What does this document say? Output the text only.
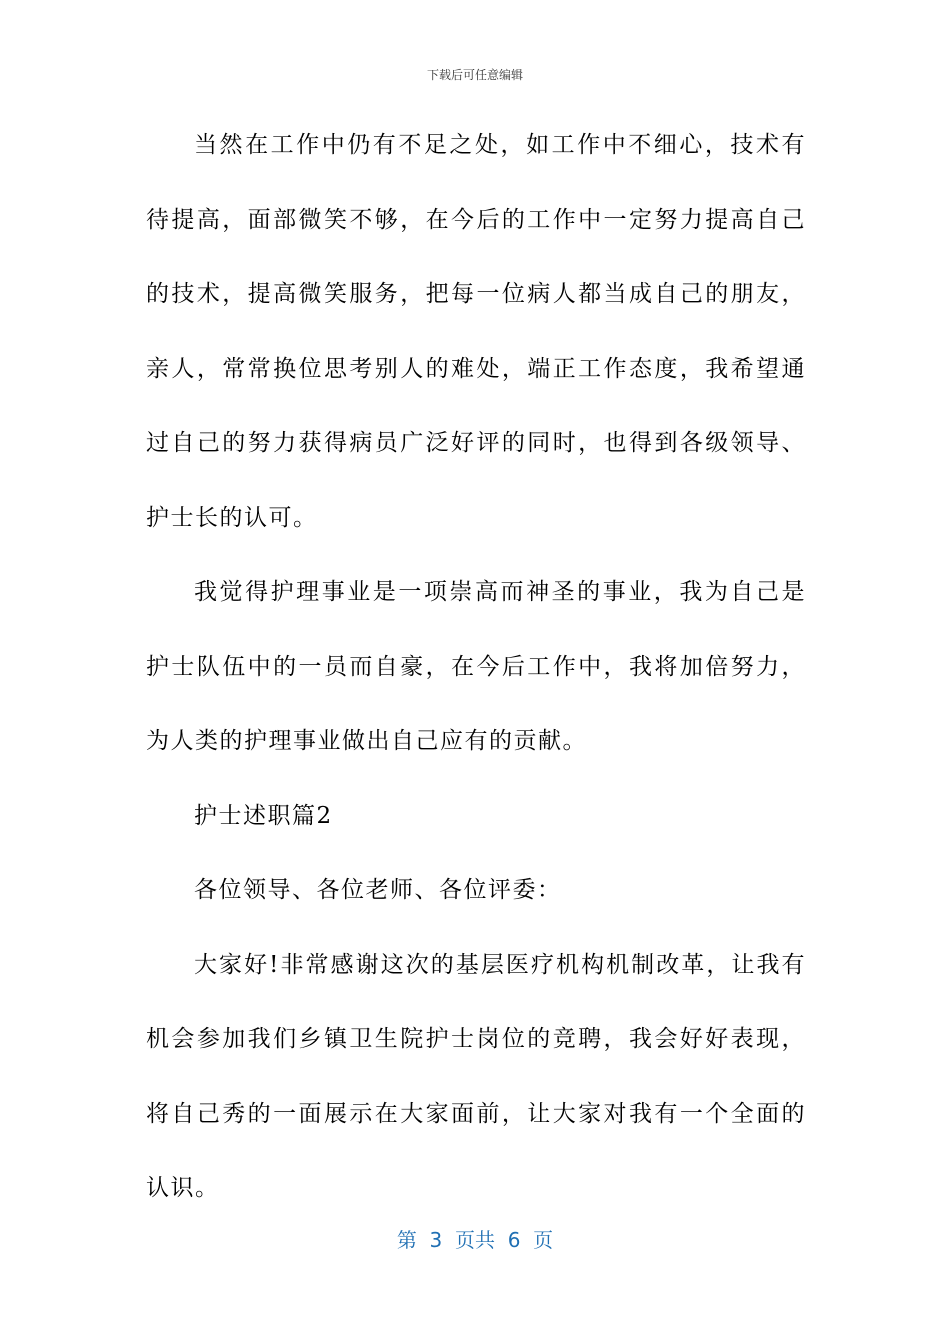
下载后可任意编辑

当然在工作中仍有不足之处，如工作中不细心，技术有待提高，面部微笑不够，在今后的工作中一定努力提高自己的技术，提高微笑服务，把每一位病人都当成自己的朋友，亲人，常常换位思考别人的难处，端正工作态度，我希望通过自己的努力获得病员广泛好评的同时，也得到各级领导、护士长的认可。

我觉得护理事业是一项崇高而神圣的事业，我为自己是护士队伍中的一员而自豪，在今后工作中，我将加倍努力，为人类的护理事业做出自己应有的贡献。

护士述职篇2

各位领导、各位老师、各位评委：

大家好!非常感谢这次的基层医疗机构机制改革，让我有机会参加我们乡镇卫生院护士岗位的竞聘，我会好好表现，将自己秀的一面展示在大家面前，让大家对我有一个全面的认识。

第  3  页共  6  页
